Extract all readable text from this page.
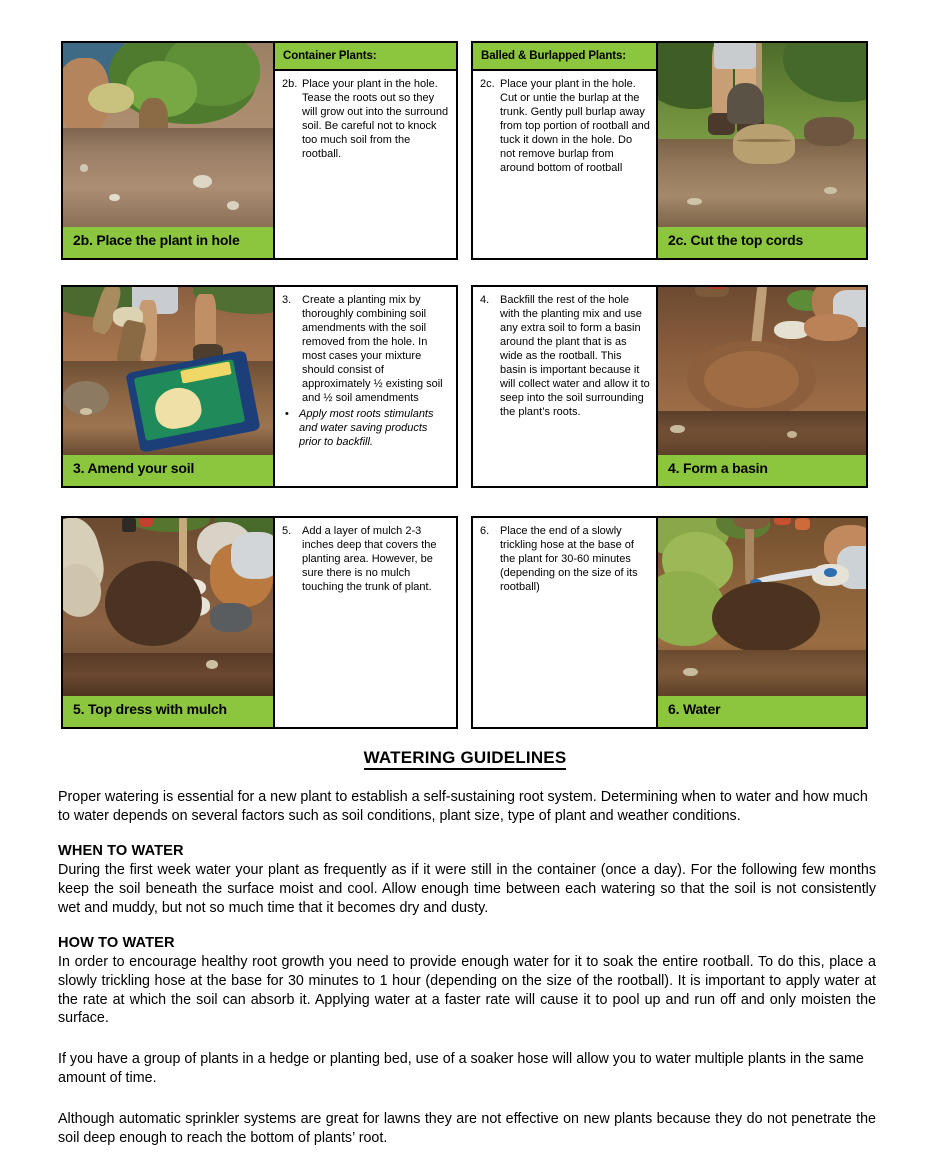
2b. Place the plant in hole
Container Plants:
2b. Place your plant in the hole. Tease the roots out so they will grow out into the surround soil. Be careful not to knock too much soil from the rootball.
Balled & Burlapped Plants:
2c. Place your plant in the hole. Cut or untie the burlap at the trunk. Gently pull burlap away from top portion of rootball and tuck it down in the hole. Do not remove burlap from around bottom of rootball
2c. Cut the top cords
3. Amend your soil
3. Create a planting mix by thoroughly combining soil amendments with the soil removed from the hole. In most cases your mixture should consist of approximately ½ existing soil and ½ soil amendments
• Apply most roots stimulants and water saving products prior to backfill.
4. Backfill the rest of the hole with the planting mix and use any extra soil to form a basin around the plant that is as wide as the rootball. This basin is important because it will collect water and allow it to seep into the soil surrounding the plant’s roots.
4. Form a basin
5. Top dress with mulch
5. Add a layer of mulch 2-3 inches deep that covers the planting area. However, be sure there is no mulch touching the trunk of plant.
6. Place the end of a slowly trickling hose at the base of the plant for 30-60 minutes (depending on the size of its rootball)
6. Water
WATERING GUIDELINES

Proper watering is essential for a new plant to establish a self-sustaining root system. Determining when to water and how much to water depends on several factors such as soil conditions, plant size, type of plant and weather conditions.

WHEN TO WATER

During the first week water your plant as frequently as if it were still in the container (once a day). For the following few months keep the soil beneath the surface moist and cool. Allow enough time between each watering so that the soil is not consistently wet and muddy, but not so much time that it becomes dry and dusty.

HOW TO WATER

In order to encourage healthy root growth you need to provide enough water for it to soak the entire rootball. To do this, place a slowly trickling hose at the base for 30 minutes to 1 hour (depending on the size of the rootball). It is important to apply water at the rate at which the soil can absorb it. Applying water at a faster rate will cause it to pool up and run off and only moisten the surface.

If you have a group of plants in a hedge or planting bed, use of a soaker hose will allow you to water multiple plants in the same amount of time.

Although automatic sprinkler systems are great for lawns they are not effective on new plants because they do not penetrate the soil deep enough to reach the bottom of plants’ root.
